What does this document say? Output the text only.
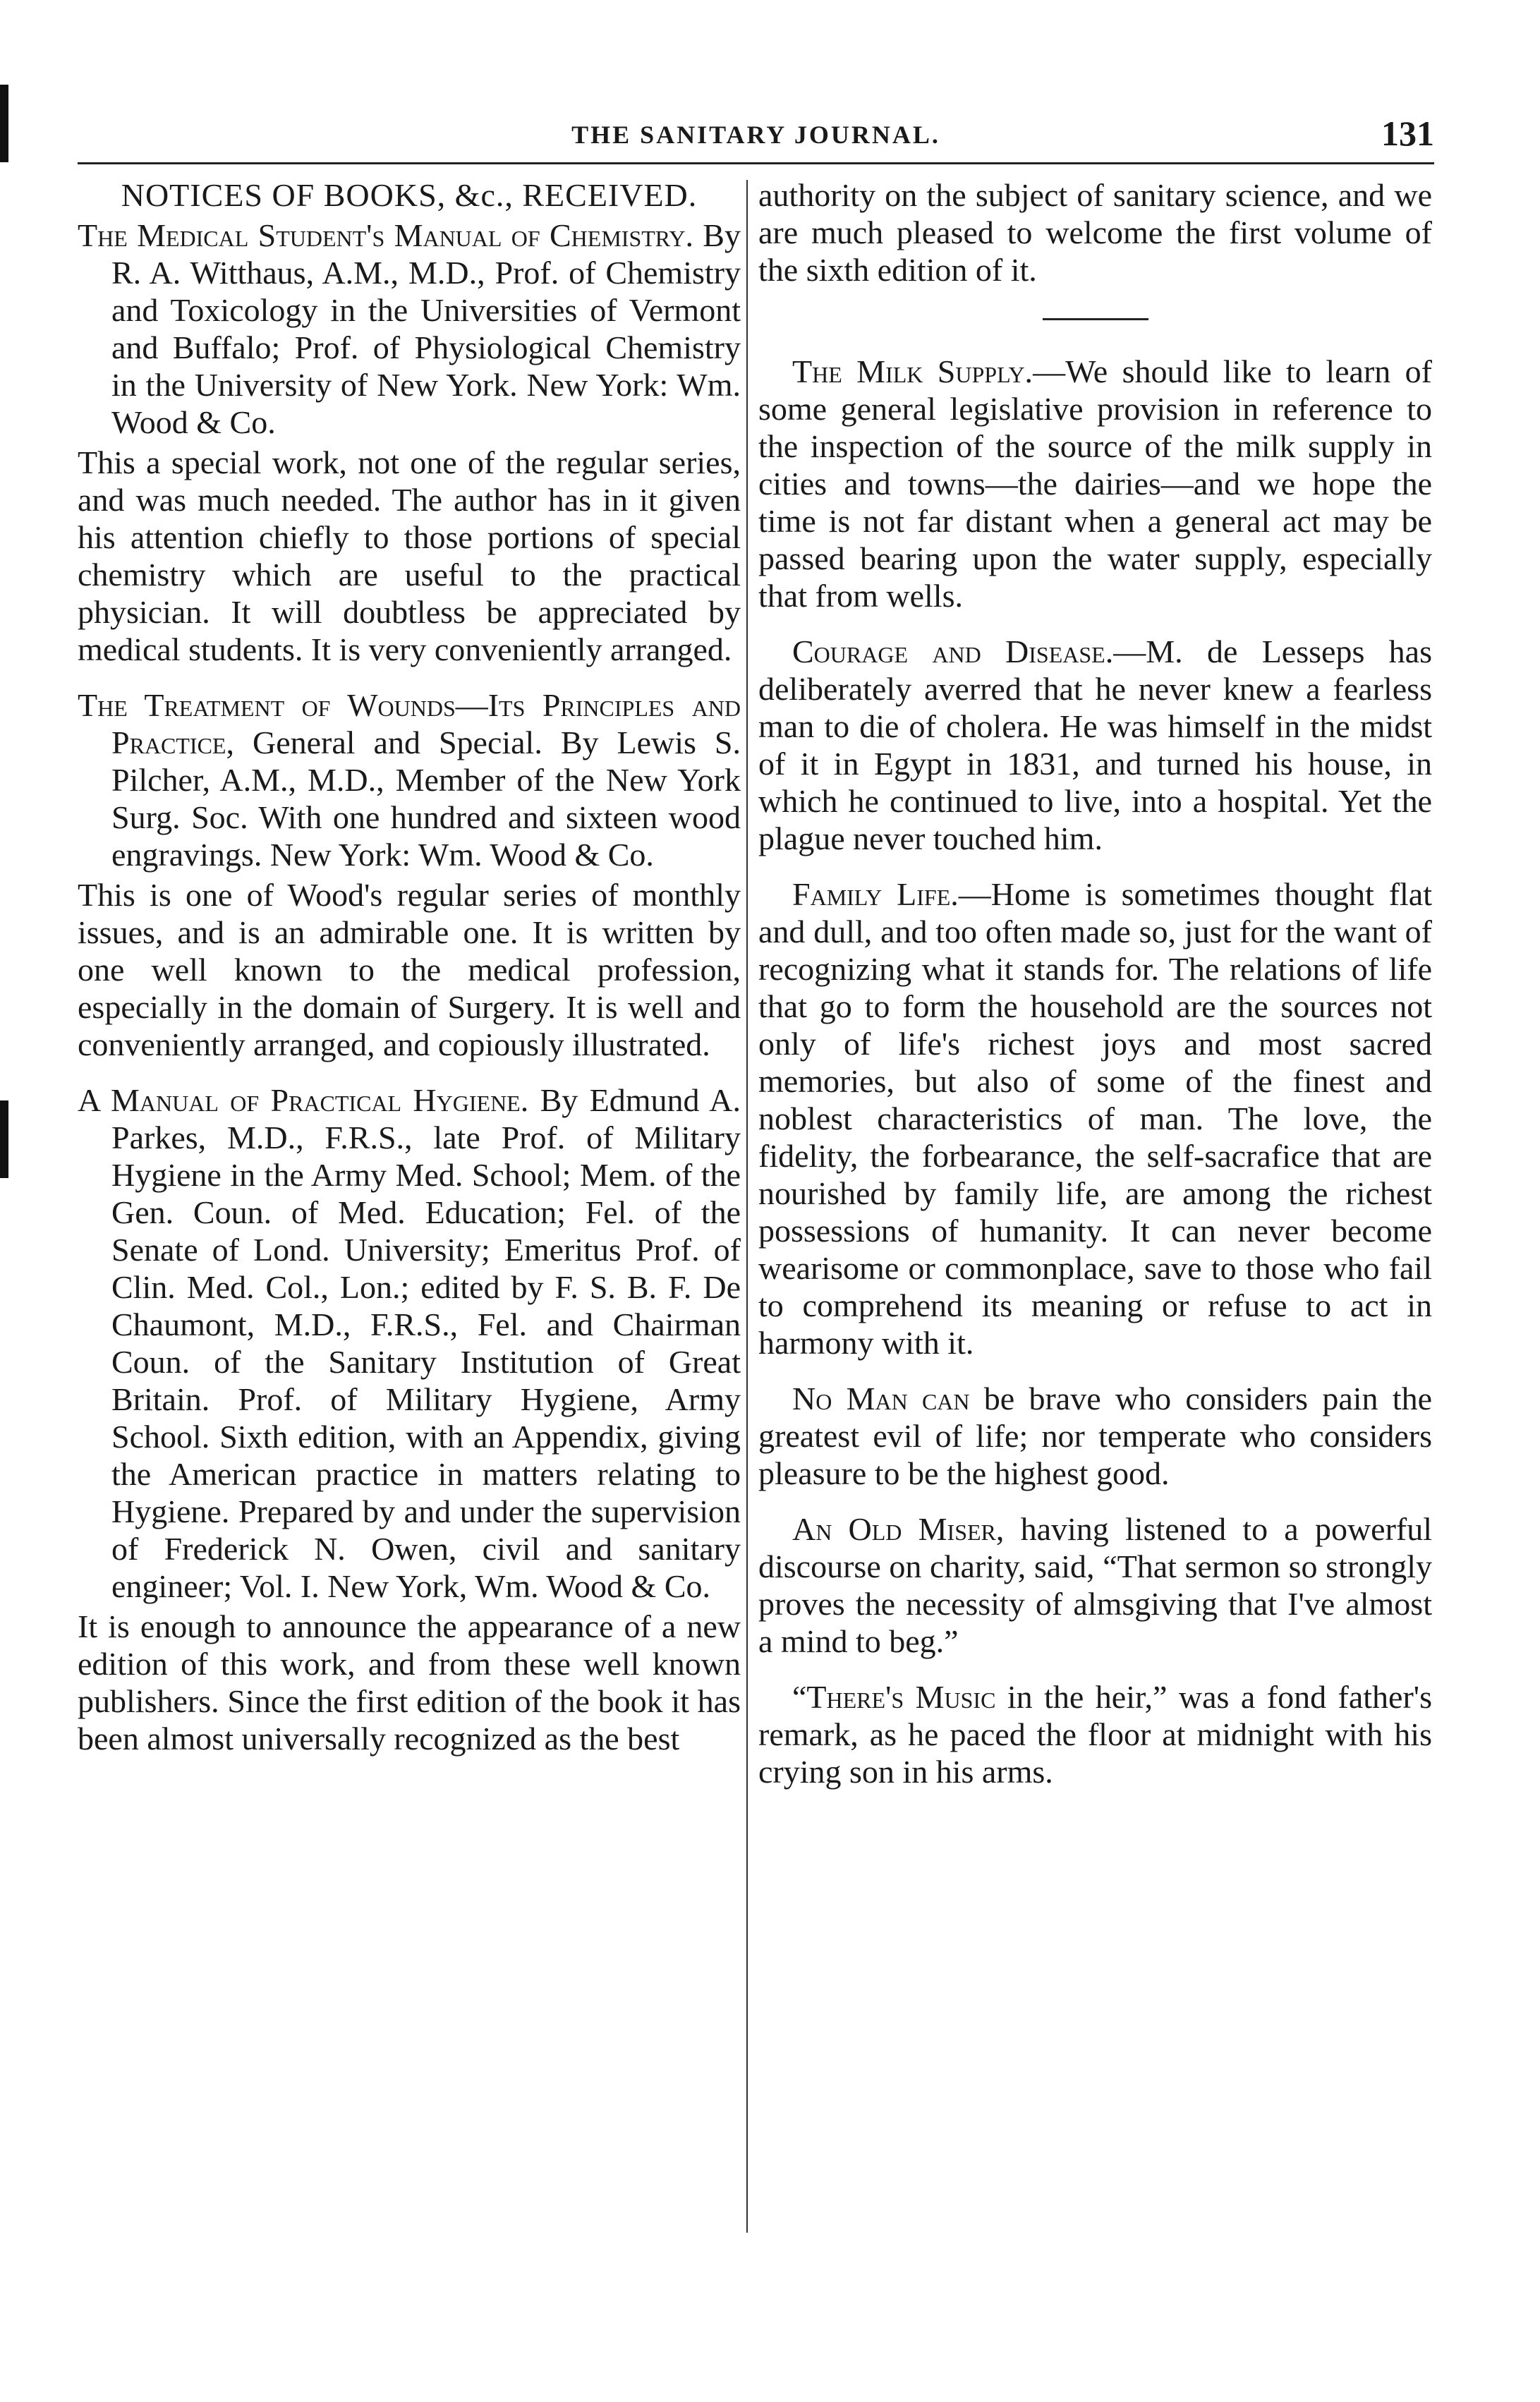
THE SANITARY JOURNAL.	131

NOTICES OF BOOKS, &c., RECEIVED.

The Medical Student's Manual of Chemistry. By R. A. Witthaus, A.M., M.D., Prof. of Chemistry and Toxicology in the Universities of Vermont and Buffalo; Prof. of Physiological Chemistry in the University of New York. New York: Wm. Wood & Co.

This a special work, not one of the regular series, and was much needed. The author has in it given his attention chiefly to those portions of special chemistry which are useful to the practical physician. It will doubtless be appreciated by medical students. It is very conveniently arranged.

The Treatment of Wounds—Its Principles and Practice, General and Special. By Lewis S. Pilcher, A.M., M.D., Member of the New York Surg. Soc. With one hundred and sixteen wood engravings. New York: Wm. Wood & Co.

This is one of Wood's regular series of monthly issues, and is an admirable one. It is written by one well known to the medical profession, especially in the domain of Surgery. It is well and conveniently arranged, and copiously illustrated.

A Manual of Practical Hygiene. By Edmund A. Parkes, M.D., F.R.S., late Prof. of Military Hygiene in the Army Med. School; Mem. of the Gen. Coun. of Med. Education; Fel. of the Senate of Lond. University; Emeritus Prof. of Clin. Med. Col., Lon.; edited by F. S. B. F. De Chaumont, M.D., F.R.S., Fel. and Chairman Coun. of the Sanitary Institution of Great Britain. Prof. of Military Hygiene, Army School. Sixth edition, with an Appendix, giving the American practice in matters relating to Hygiene. Prepared by and under the supervision of Frederick N. Owen, civil and sanitary engineer; Vol. I. New York, Wm. Wood & Co.

It is enough to announce the appearance of a new edition of this work, and from these well known publishers. Since the first edition of the book it has been almost universally recognized as the best

authority on the subject of sanitary science, and we are much pleased to welcome the first volume of the sixth edition of it.

The Milk Supply.—We should like to learn of some general legislative provision in reference to the inspection of the source of the milk supply in cities and towns—the dairies—and we hope the time is not far distant when a general act may be passed bearing upon the water supply, especially that from wells.

Courage and Disease.—M. de Lesseps has deliberately averred that he never knew a fearless man to die of cholera. He was himself in the midst of it in Egypt in 1831, and turned his house, in which he continued to live, into a hospital. Yet the plague never touched him.

Family Life.—Home is sometimes thought flat and dull, and too often made so, just for the want of recognizing what it stands for. The relations of life that go to form the household are the sources not only of life's richest joys and most sacred memories, but also of some of the finest and noblest characteristics of man. The love, the fidelity, the forbearance, the self-sacrafice that are nourished by family life, are among the richest possessions of humanity. It can never become wearisome or commonplace, save to those who fail to comprehend its meaning or refuse to act in harmony with it.

No Man can be brave who considers pain the greatest evil of life; nor temperate who considers pleasure to be the highest good.

An Old Miser, having listened to a powerful discourse on charity, said, “That sermon so strongly proves the necessity of almsgiving that I've almost a mind to beg.”

“There's Music in the heir,” was a fond father's remark, as he paced the floor at midnight with his crying son in his arms.
